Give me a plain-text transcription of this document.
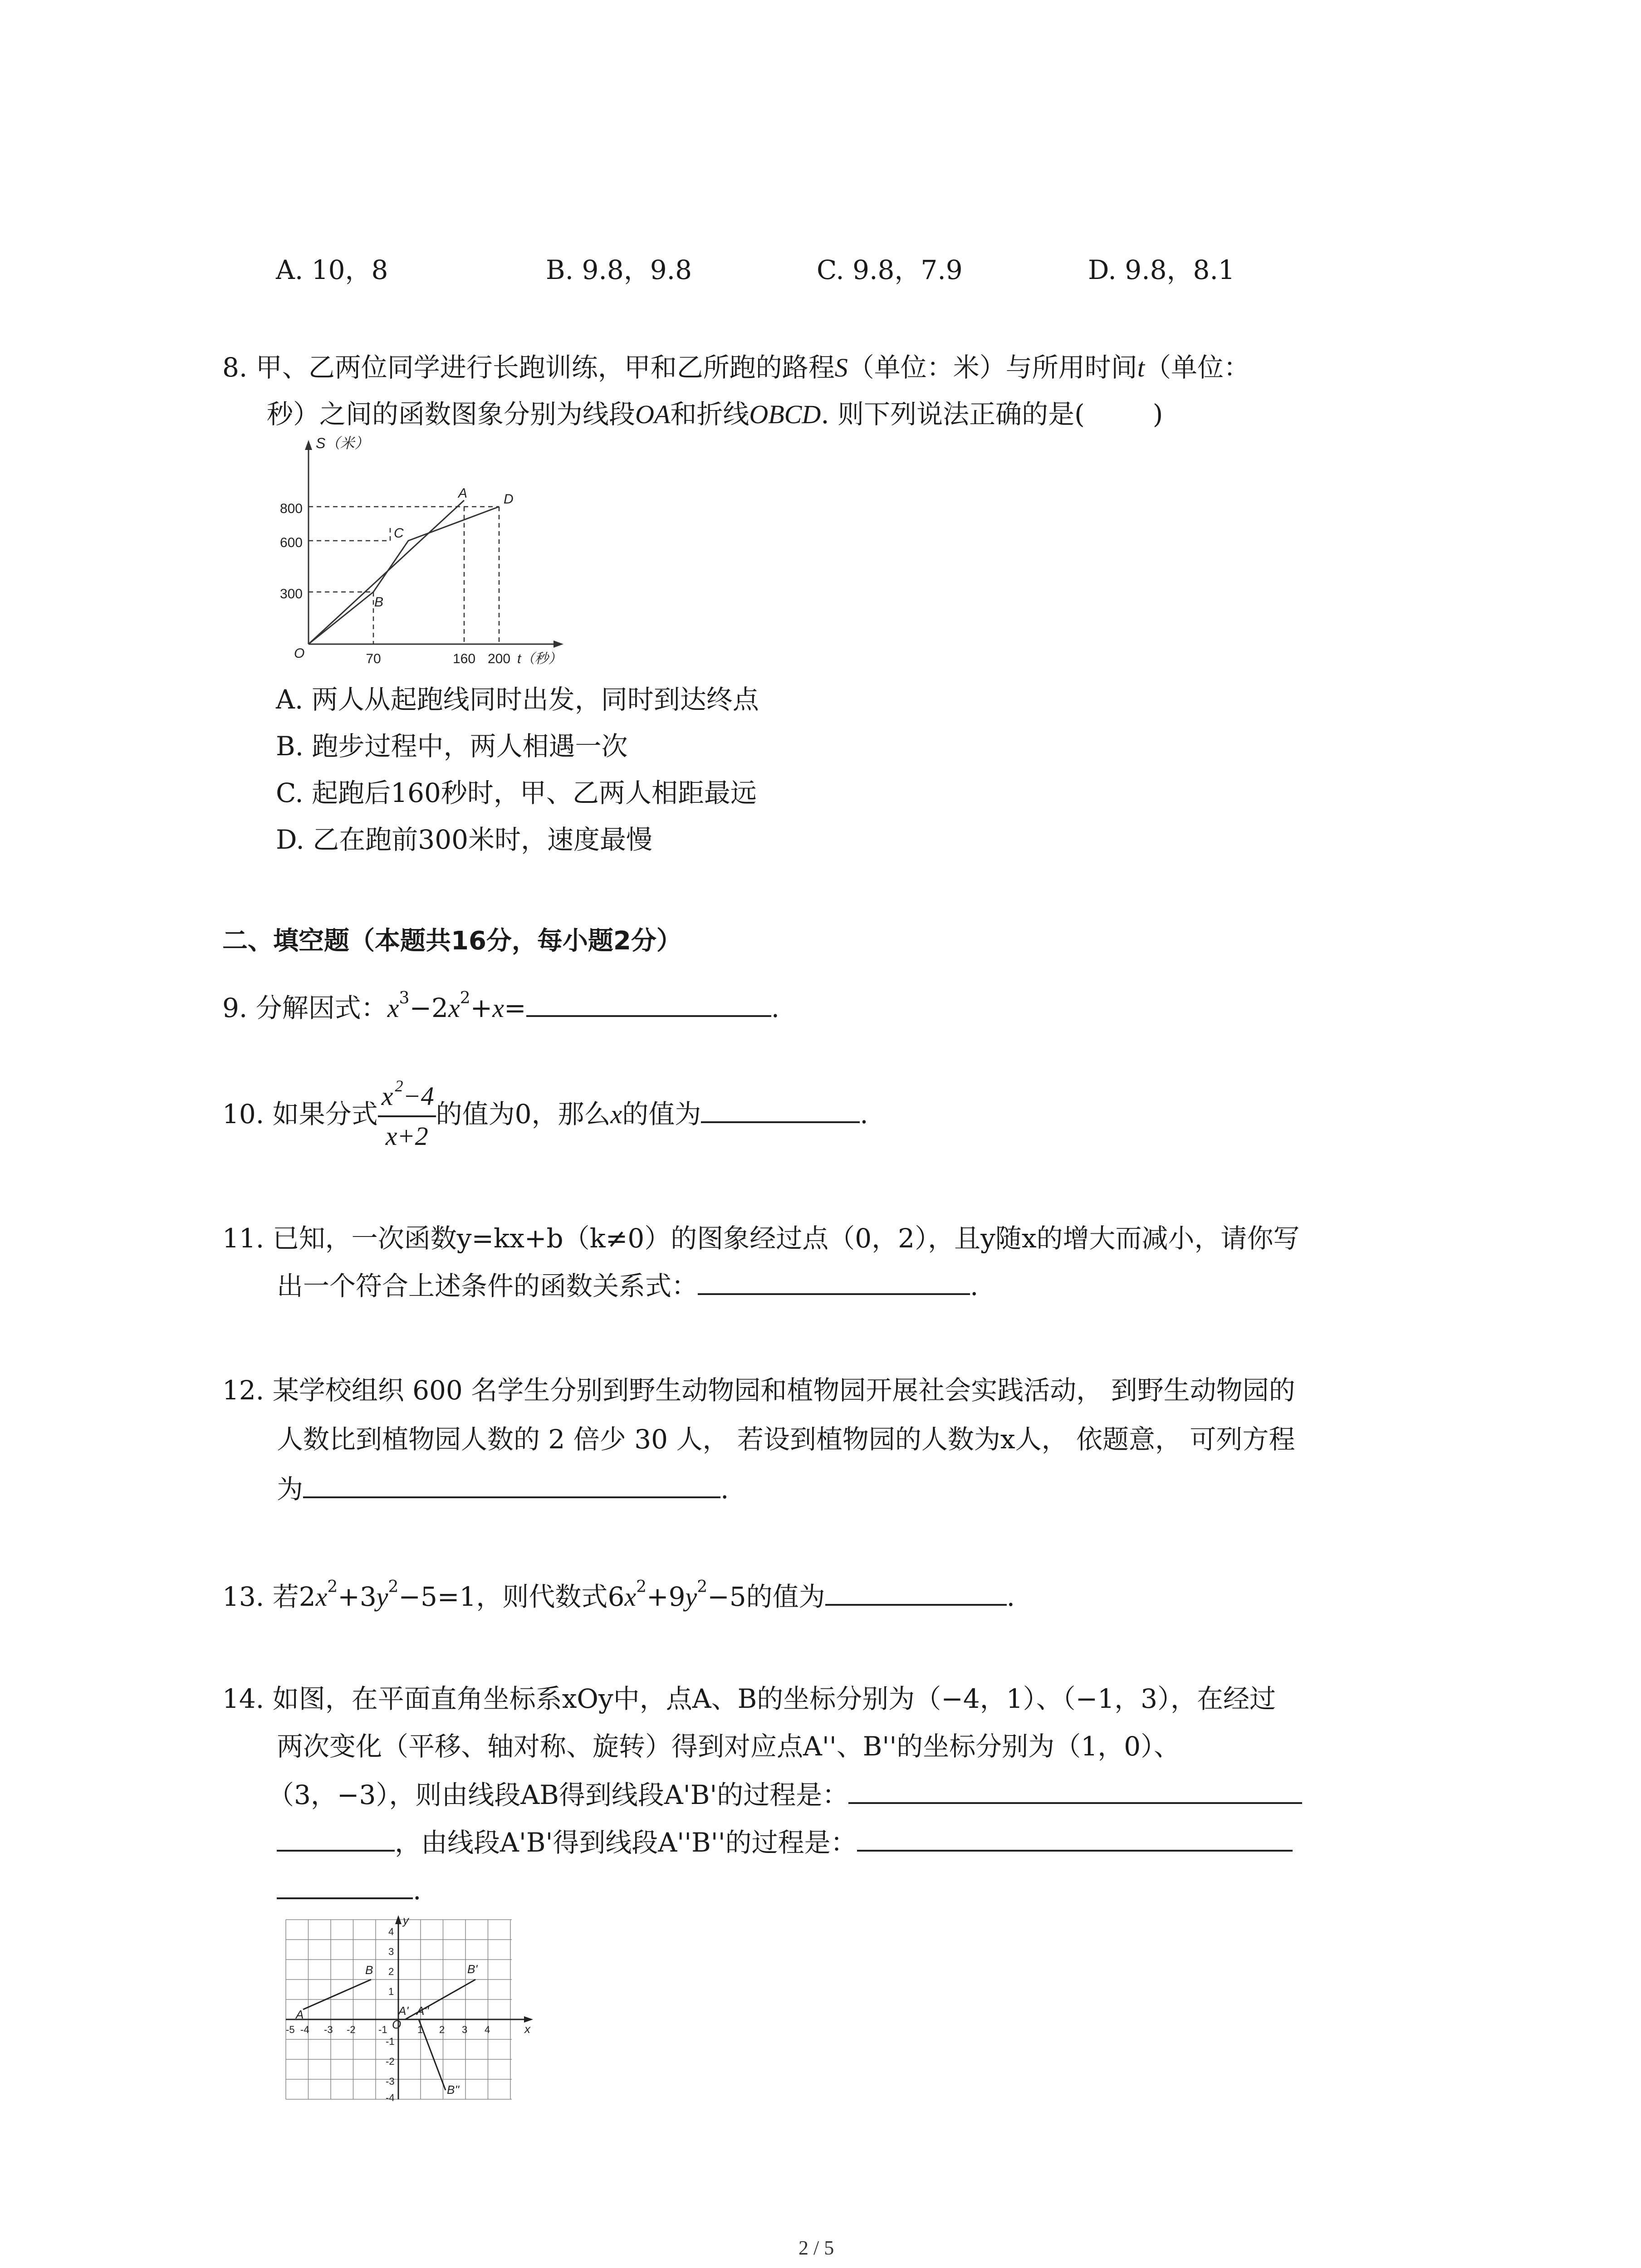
A. 10，8	B. 9.8，9.8	C. 9.8，7.9	D. 9.8，8.1
8. 甲、乙两位同学进行长跑训练，甲和乙所跑的路程S（单位：米）与所用时间t（单位：
秒）之间的函数图象分别为线段OA和折线OBCD. 则下列说法正确的是(	)
S（米）
800
600
300
70	160 200 t（秒）
O
A
B
C
D
A. 两人从起跑线同时出发，同时到达终点
B. 跑步过程中，两人相遇一次
C. 起跑后160秒时，甲、乙两人相距最远
D. 乙在跑前300米时，速度最慢
二、填空题（本题共16分，每小题2分）
9. 分解因式：$x^3-2x^2+x=$	.
10. 如果分式 $\frac{x ^2-4}{x+2}$ 的值为0，那么x的值为	.
11. 已知，一次函数y=kx+b（k≠0）的图象经过点（0，2），且y随x的增大而减小，请你写
出一个符合上述条件的函数关系式：	.
12. 某学校组织 600 名学生分别到野生动物园和植物园开展社会实践活动， 到野生动物园的
人数比到植物园人数的 2 倍少 30 人， 若设到植物园的人数为x人， 依题意， 可列方程
为	.
13. 若$2x^2+3y^2-5=1$，则代数式$6x^2+9y^2-5$的值为	.
14. 如图，在平面直角坐标系xOy中，点A、B的坐标分别为（−4，1）、（−1，3），在经过
两次变化（平移、轴对称、旋转）得到对应点A''、B''的坐标分别为（1，0）、
（3，−3），则由线段AB得到线段A'B'的过程是：
，由线段A'B'得到线段A''B''的过程是：
.
x
y
O
A
B
A'
B'
A''
B''
-5 -4 -3 -2 -1	1 2 3 4
4
3
2
1
-1
-2
-3
-4
2 / 5
